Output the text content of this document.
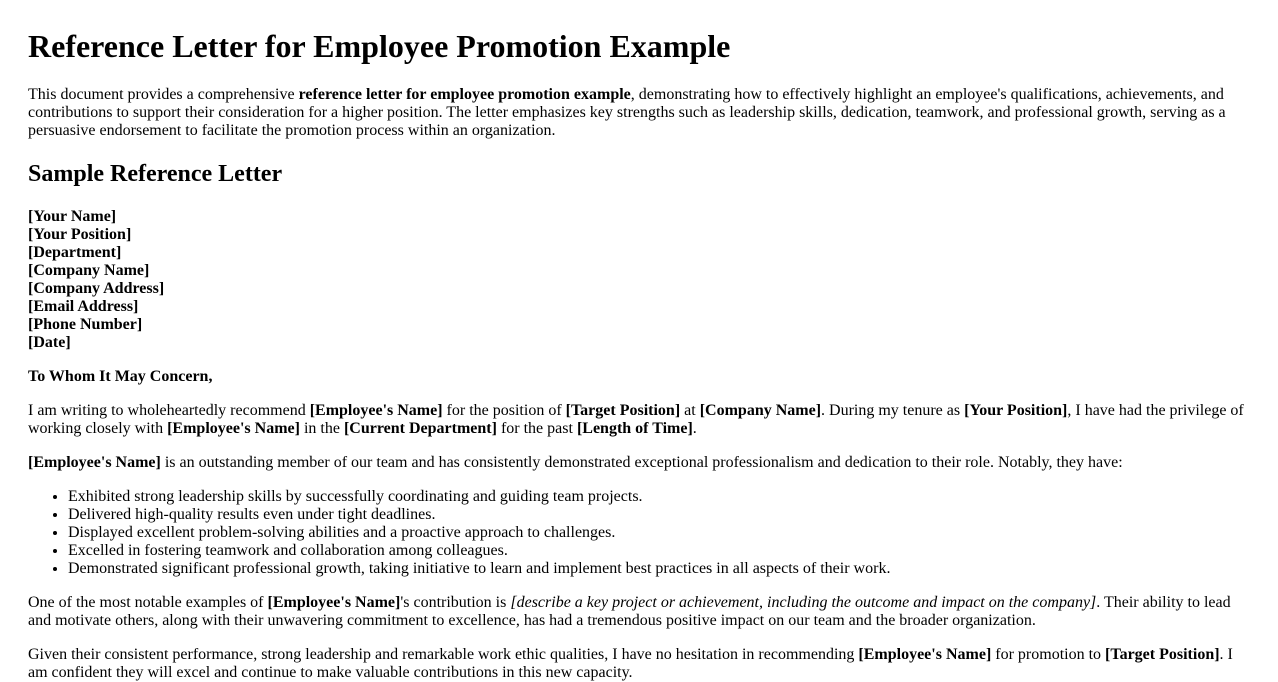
Reference Letter for Employee Promotion Example

This document provides a comprehensive reference letter for employee promotion example, demonstrating how to effectively highlight an employee's qualifications, achievements, and contributions to support their consideration for a higher position. The letter emphasizes key strengths such as leadership skills, dedication, teamwork, and professional growth, serving as a persuasive endorsement to facilitate the promotion process within an organization.

Sample Reference Letter
[Your Name]
[Your Position]
[Department]
[Company Name]
[Company Address]
[Email Address]
[Phone Number]
[Date]

To Whom It May Concern,

I am writing to wholeheartedly recommend [Employee's Name] for the position of [Target Position] at [Company Name]. During my tenure as [Your Position], I have had the privilege of working closely with [Employee's Name] in the [Current Department] for the past [Length of Time].

[Employee's Name] is an outstanding member of our team and has consistently demonstrated exceptional professionalism and dedication to their role. Notably, they have:

• Exhibited strong leadership skills by successfully coordinating and guiding team projects.
• Delivered high-quality results even under tight deadlines.
• Displayed excellent problem-solving abilities and a proactive approach to challenges.
• Excelled in fostering teamwork and collaboration among colleagues.
• Demonstrated significant professional growth, taking initiative to learn and implement best practices in all aspects of their work.

One of the most notable examples of [Employee's Name]'s contribution is [describe a key project or achievement, including the outcome and impact on the company]. Their ability to lead and motivate others, along with their unwavering commitment to excellence, has had a tremendous positive impact on our team and the broader organization.

Given their consistent performance, strong leadership and remarkable work ethic qualities, I have no hesitation in recommending [Employee's Name] for promotion to [Target Position]. I am confident they will excel and continue to make valuable contributions in this new capacity.
